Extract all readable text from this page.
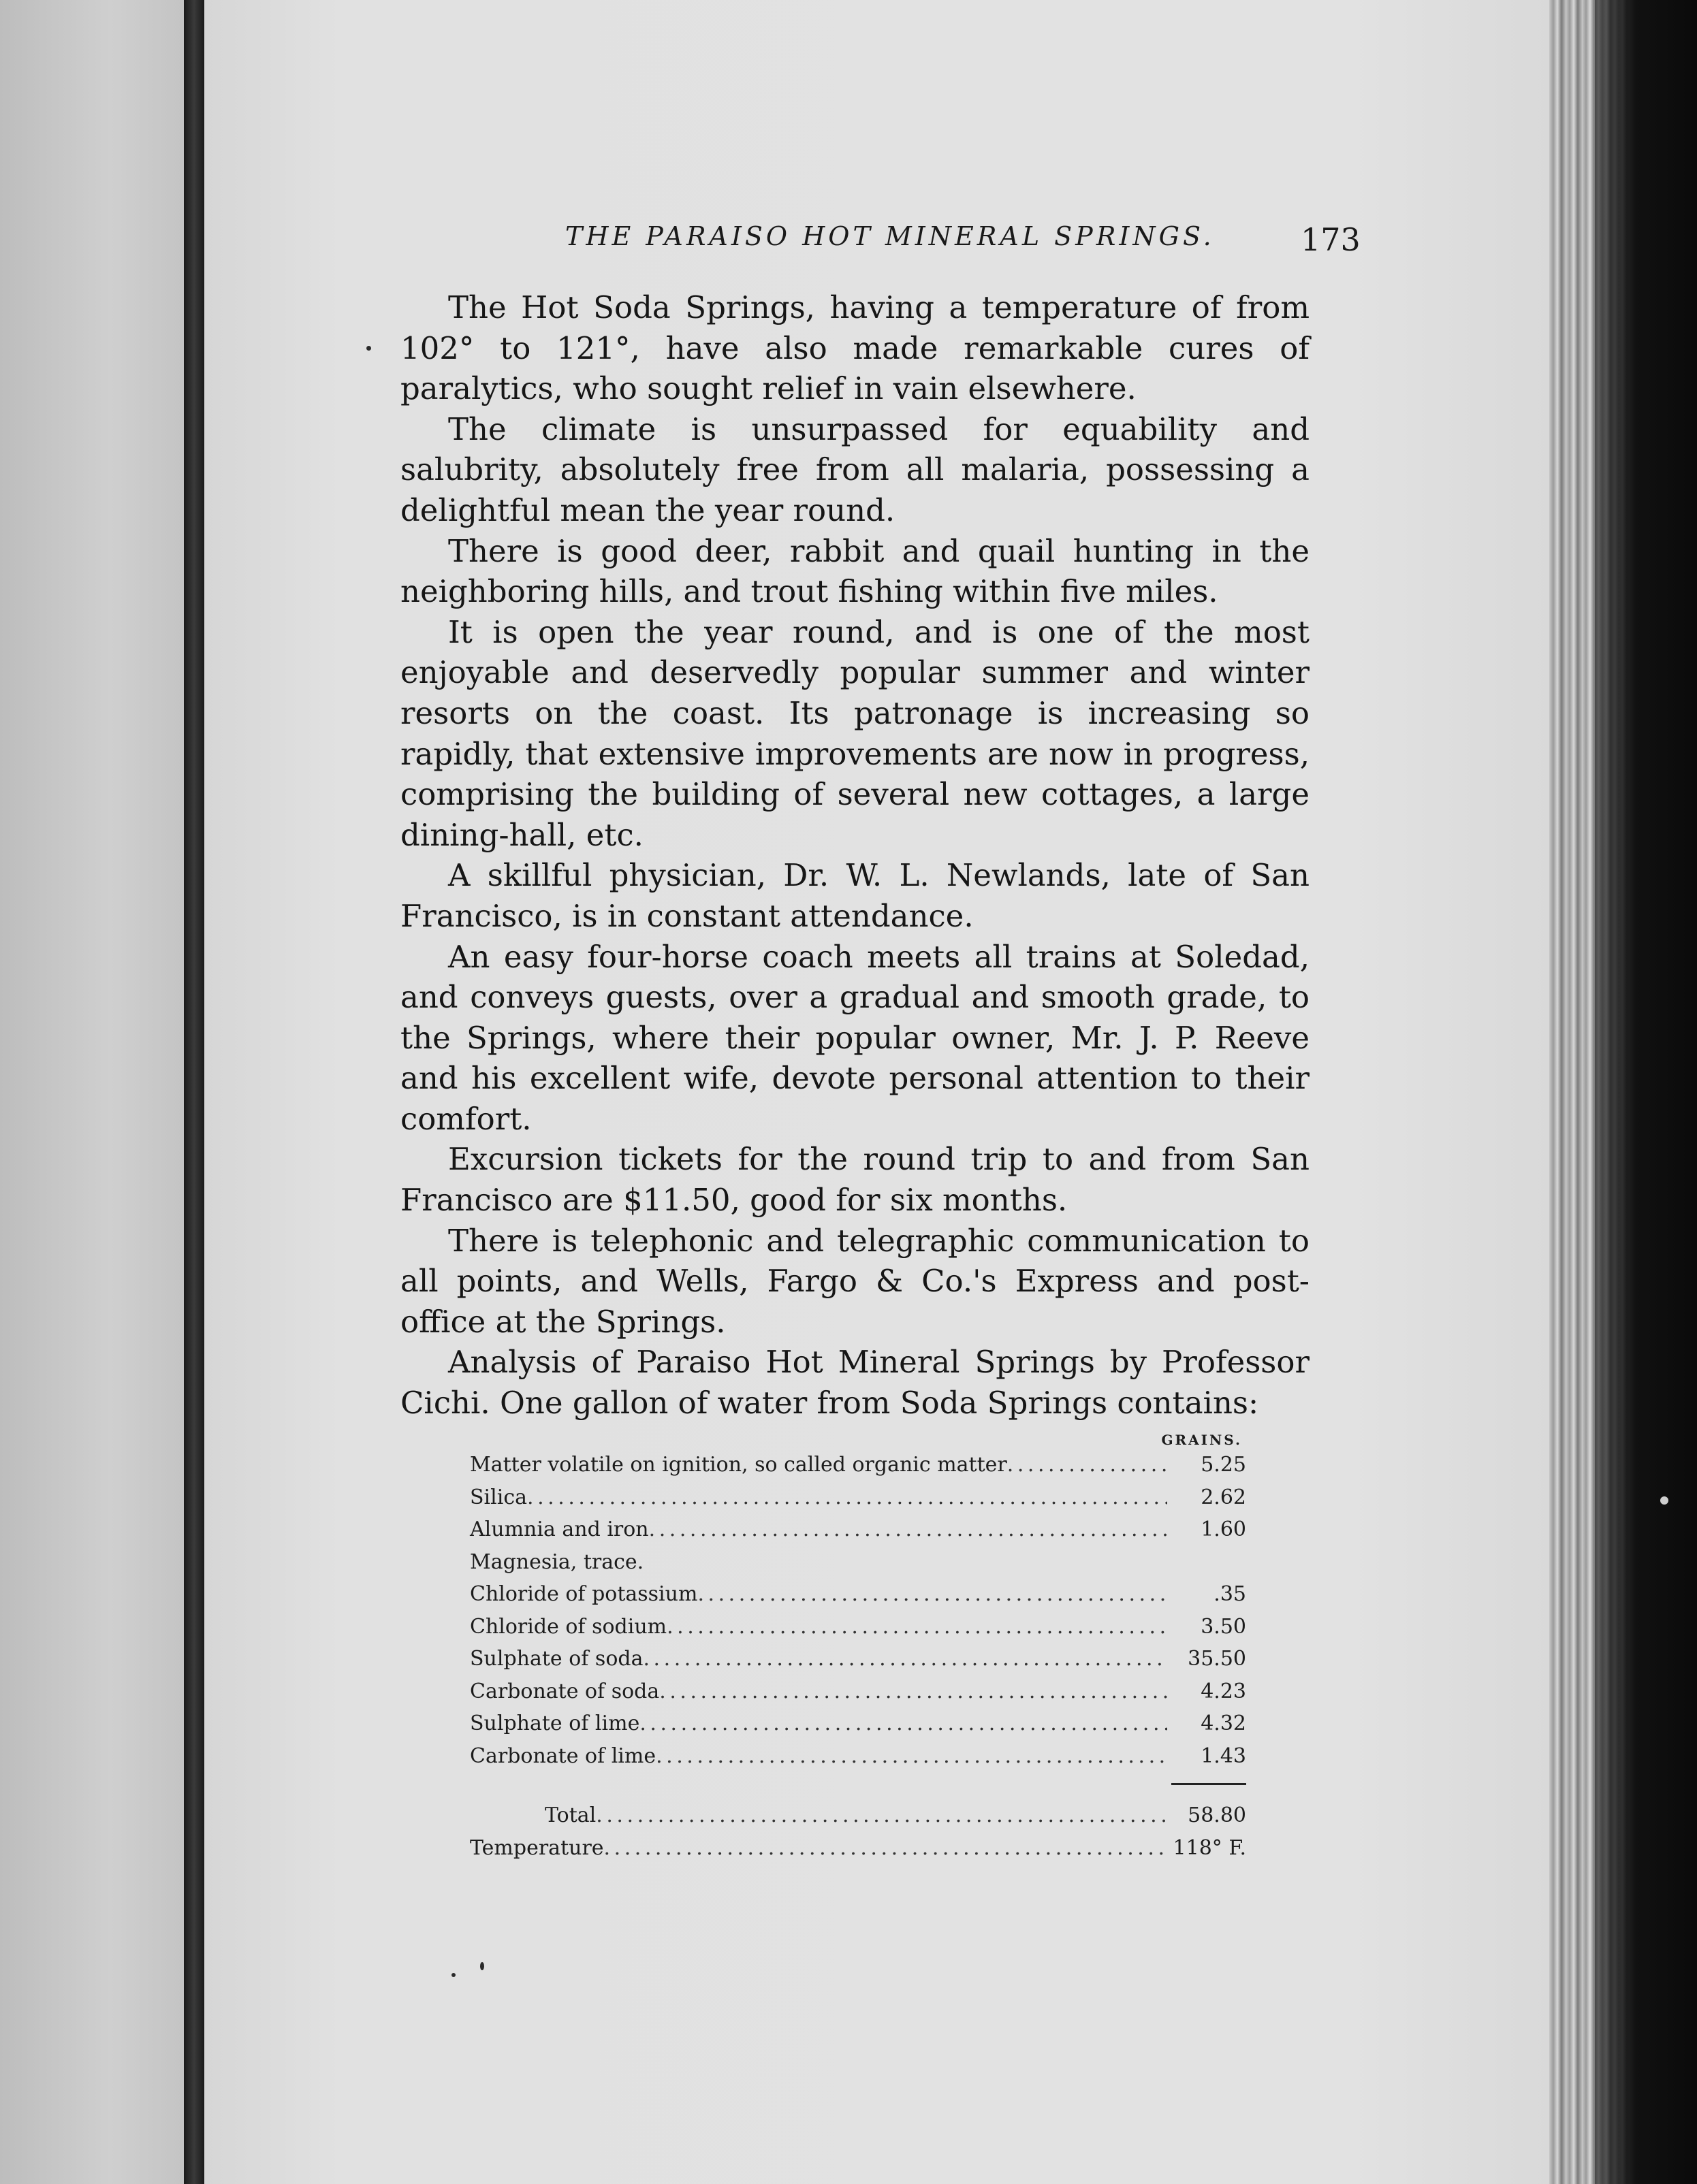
THE PARAISO HOT MINERAL SPRINGS.	173

The Hot Soda Springs, having a temperature of from 102° to 121°, have also made remarkable cures of paralytics, who sought relief in vain elsewhere.

The climate is unsurpassed for equability and salubrity, absolutely free from all malaria, possessing a delightful mean the year round.

There is good deer, rabbit and quail hunting in the neighboring hills, and trout fishing within five miles.

It is open the year round, and is one of the most enjoyable and deservedly popular summer and winter resorts on the coast. Its patronage is increasing so rapidly, that extensive improvements are now in progress, comprising the building of several new cottages, a large dining-hall, etc.

A skillful physician, Dr. W. L. Newlands, late of San Francisco, is in constant attendance.

An easy four-horse coach meets all trains at Soledad, and conveys guests, over a gradual and smooth grade, to the Springs, where their popular owner, Mr. J. P. Reeve and his excellent wife, devote personal attention to their comfort.

Excursion tickets for the round trip to and from San Francisco are $11.50, good for six months.

There is telephonic and telegraphic communication to all points, and Wells, Fargo & Co.'s Express and post-office at the Springs.

Analysis of Paraiso Hot Mineral Springs by Professor Cichi. One gallon of water from Soda Springs contains:

GRAINS.
Matter volatile on ignition, so called organic matter . . .	5.25
Silica . . .	2.62
Alumnia and iron . . .	1.60
Magnesia, trace.
Chloride of potassium . . .	.35
Chloride of sodium . . .	3.50
Sulphate of soda . . .	35.50
Carbonate of soda . . .	4.23
Sulphate of lime . . .	4.32
Carbonate of lime . . .	1.43
Total . . .	58.80
Temperature . . .	118° F.
